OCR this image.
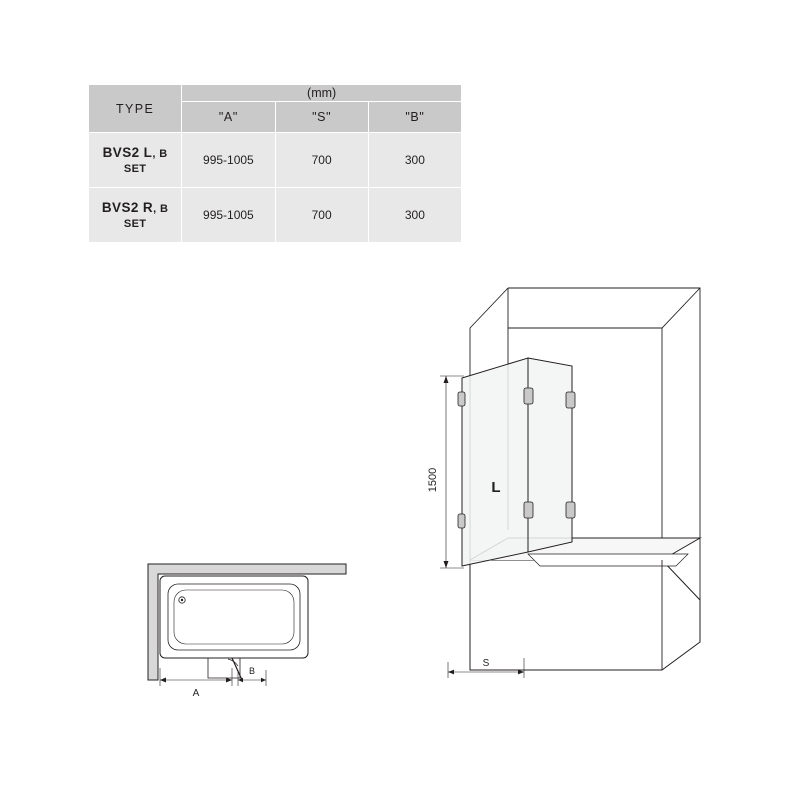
TYPE	(mm)		
	"A"	"S"	"B"
BVS2 L, B SET	995-1005	700	300
BVS2 R, B SET	995-1005	700	300
A
B
1500	L
S
